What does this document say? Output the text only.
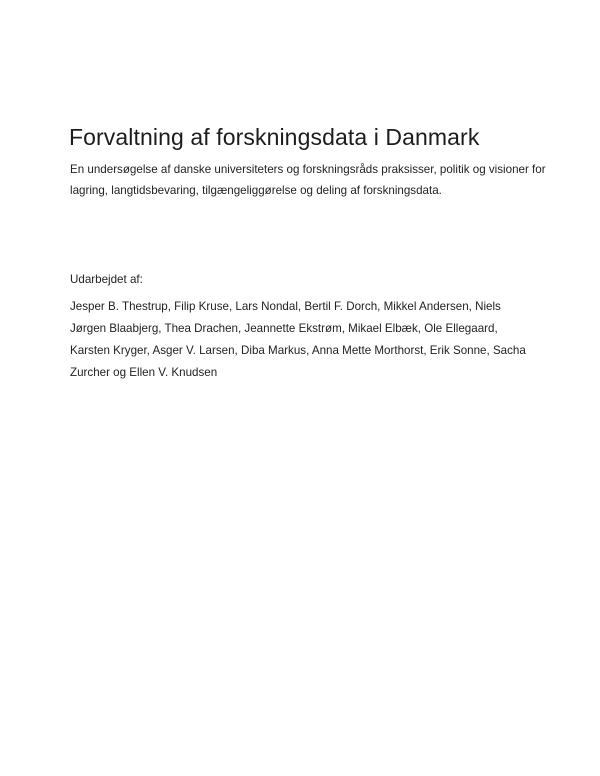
Forvaltning af forskningsdata i Danmark

En undersøgelse af danske universiteters og forskningsråds praksisser, politik og visioner for lagring, langtidsbevaring, tilgængeliggørelse og deling af forskningsdata.

Udarbejdet af:

Jesper B. Thestrup, Filip Kruse, Lars Nondal, Bertil F. Dorch, Mikkel Andersen, Niels Jørgen Blaabjerg, Thea Drachen, Jeannette Ekstrøm, Mikael Elbæk, Ole Ellegaard, Karsten Kryger, Asger V. Larsen, Diba Markus, Anna Mette Morthorst, Erik Sonne, Sacha Zurcher og Ellen V. Knudsen
